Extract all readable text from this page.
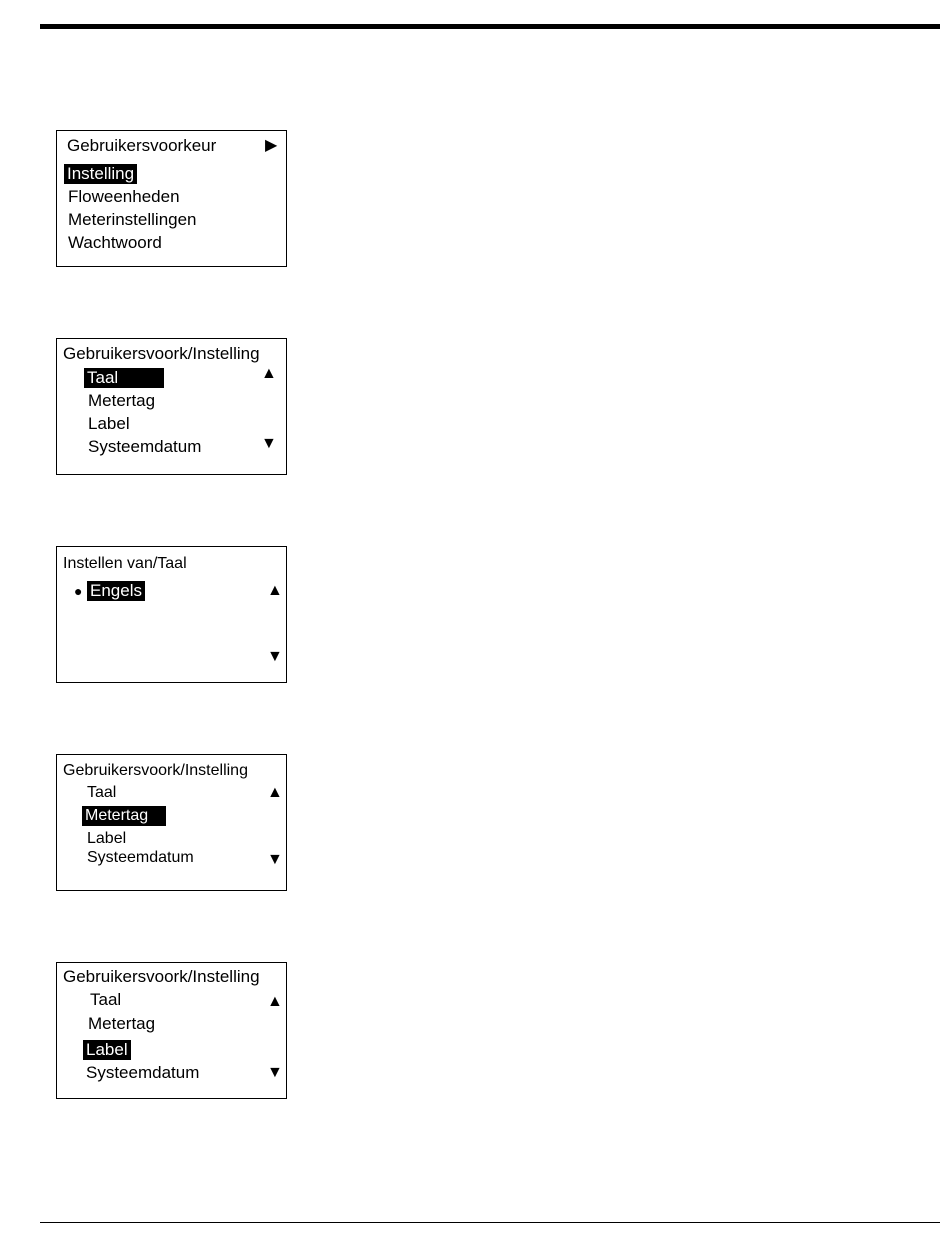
Gebruikersvoorkeur	▶
Instelling
Floweenheden
Meterinstellingen
Wachtwoord
Gebruikersvoork/Instelling
Taal
Metertag
Label
Systeemdatum
▲
▼
Instellen van/Taal
● Engels	▲
▼
Gebruikersvoork/Instelling
Taal
Metertag
Label
Systeemdatum
▲
▼
Gebruikersvoork/Instelling
Taal
Metertag
Label
Systeemdatum
▲
▼
